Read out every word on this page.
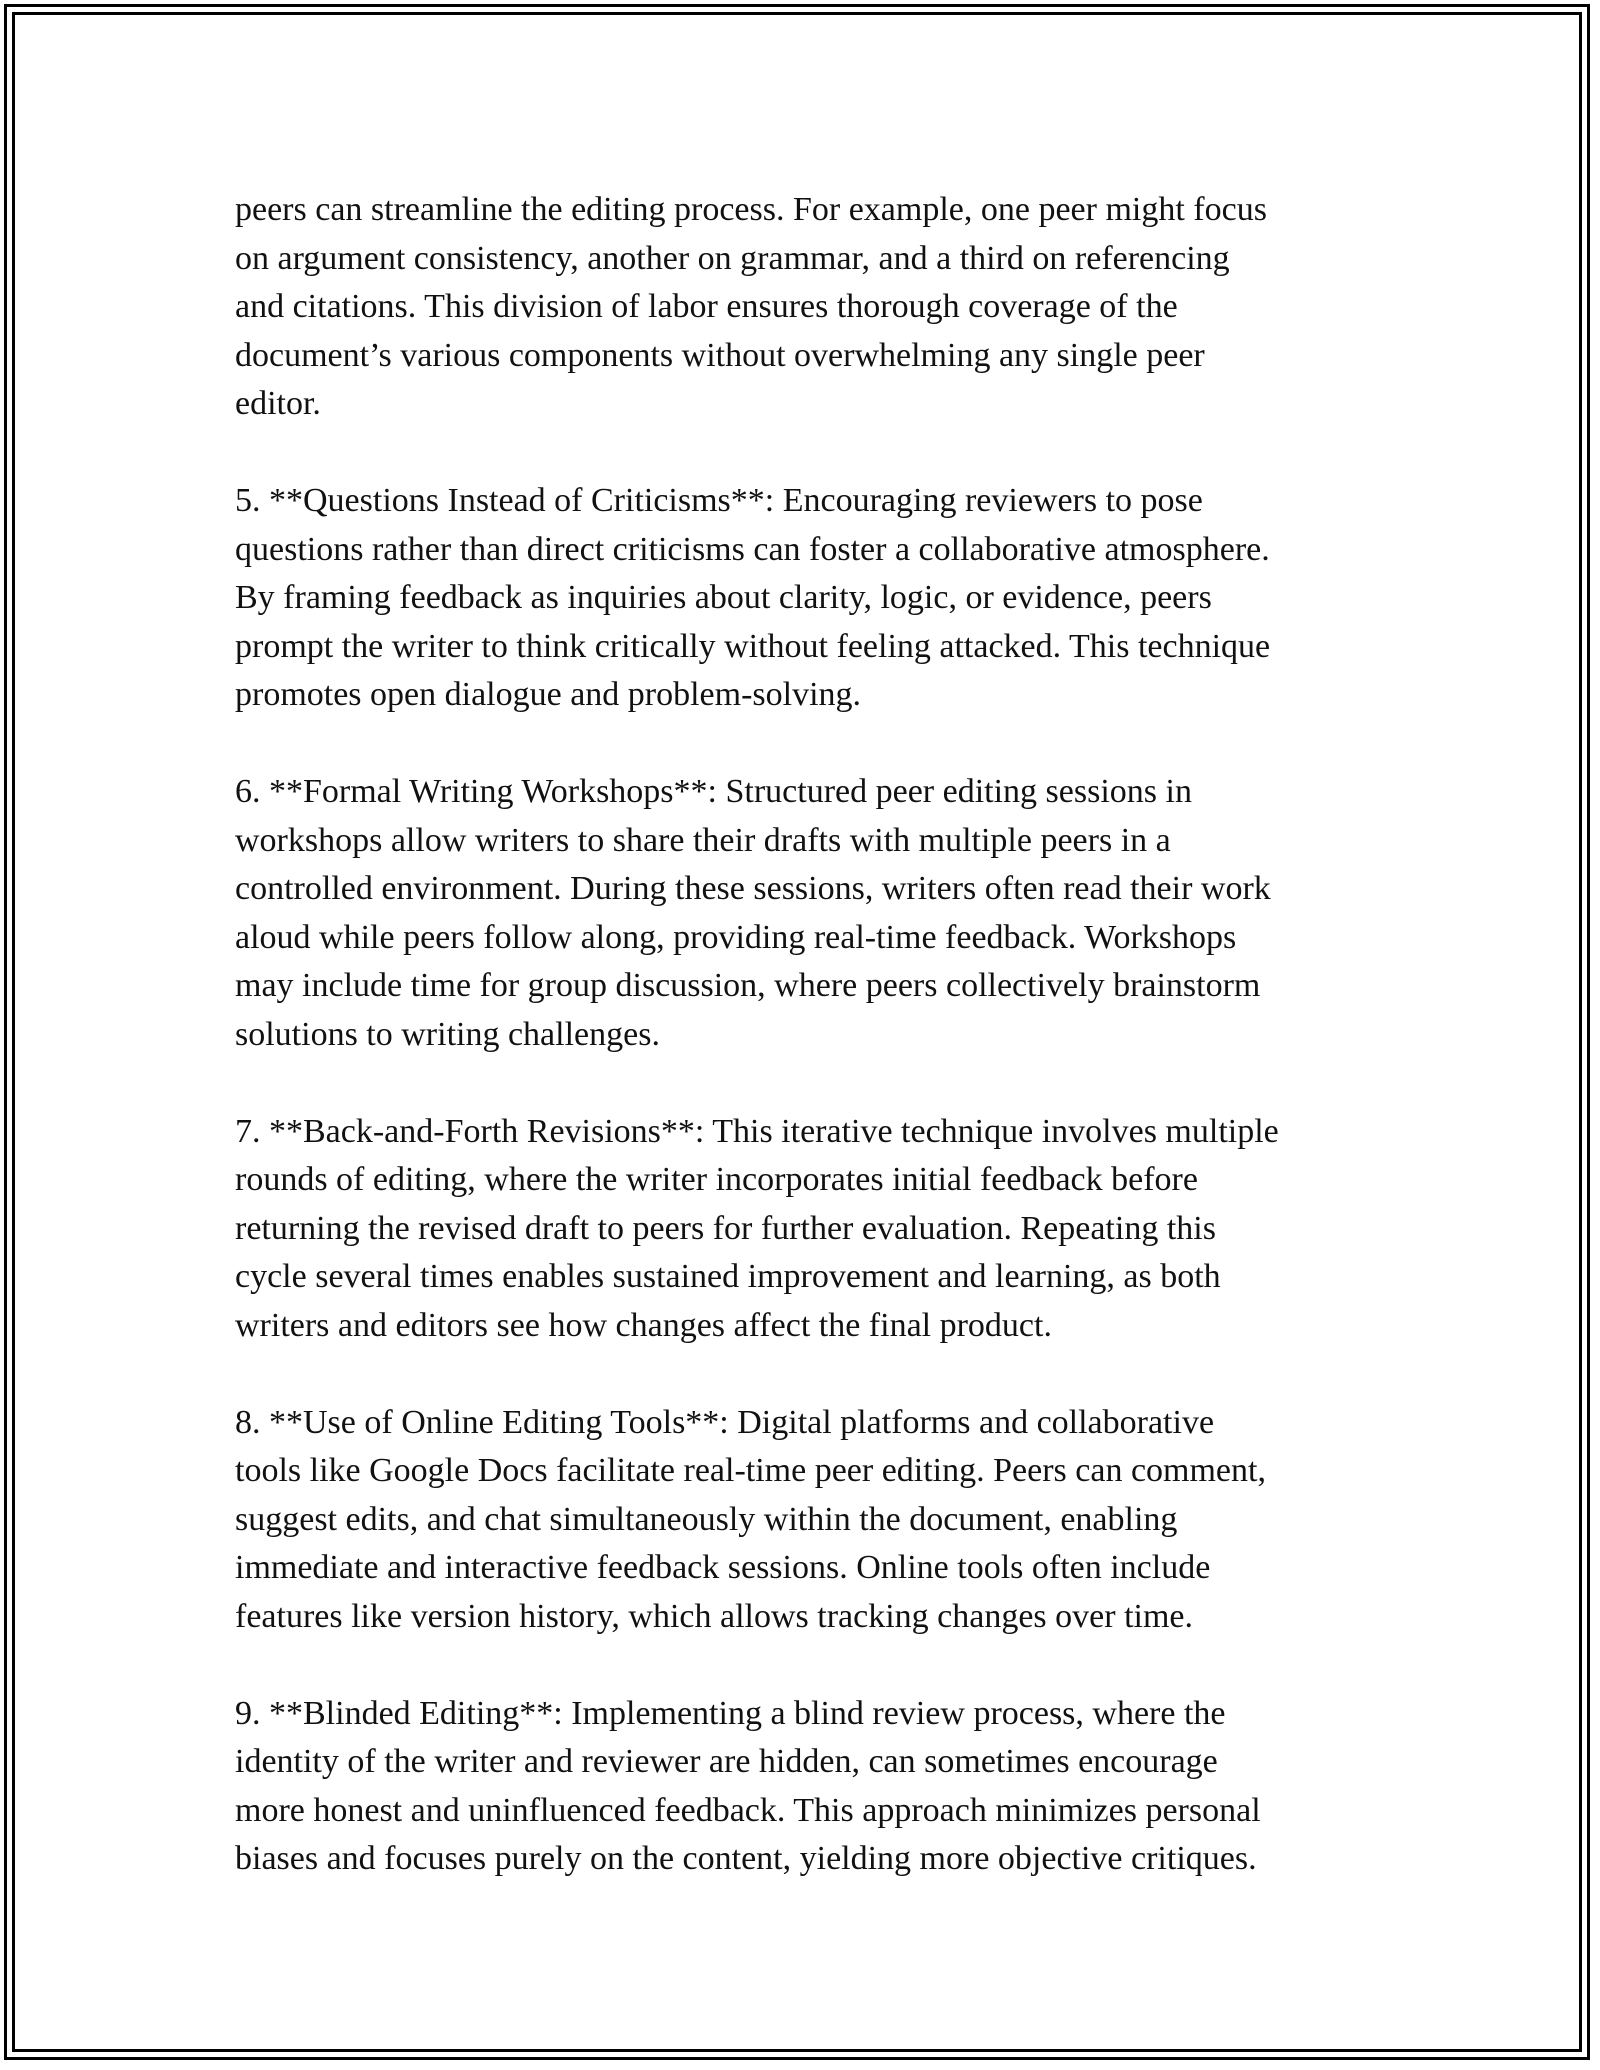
peers can streamline the editing process. For example, one peer might focus
on argument consistency, another on grammar, and a third on referencing
and citations. This division of labor ensures thorough coverage of the
document’s various components without overwhelming any single peer
editor.

5. **Questions Instead of Criticisms**: Encouraging reviewers to pose
questions rather than direct criticisms can foster a collaborative atmosphere.
By framing feedback as inquiries about clarity, logic, or evidence, peers
prompt the writer to think critically without feeling attacked. This technique
promotes open dialogue and problem-solving.

6. **Formal Writing Workshops**: Structured peer editing sessions in
workshops allow writers to share their drafts with multiple peers in a
controlled environment. During these sessions, writers often read their work
aloud while peers follow along, providing real-time feedback. Workshops
may include time for group discussion, where peers collectively brainstorm
solutions to writing challenges.

7. **Back-and-Forth Revisions**: This iterative technique involves multiple
rounds of editing, where the writer incorporates initial feedback before
returning the revised draft to peers for further evaluation. Repeating this
cycle several times enables sustained improvement and learning, as both
writers and editors see how changes affect the final product.

8. **Use of Online Editing Tools**: Digital platforms and collaborative
tools like Google Docs facilitate real-time peer editing. Peers can comment,
suggest edits, and chat simultaneously within the document, enabling
immediate and interactive feedback sessions. Online tools often include
features like version history, which allows tracking changes over time.

9. **Blinded Editing**: Implementing a blind review process, where the
identity of the writer and reviewer are hidden, can sometimes encourage
more honest and uninfluenced feedback. This approach minimizes personal
biases and focuses purely on the content, yielding more objective critiques.
